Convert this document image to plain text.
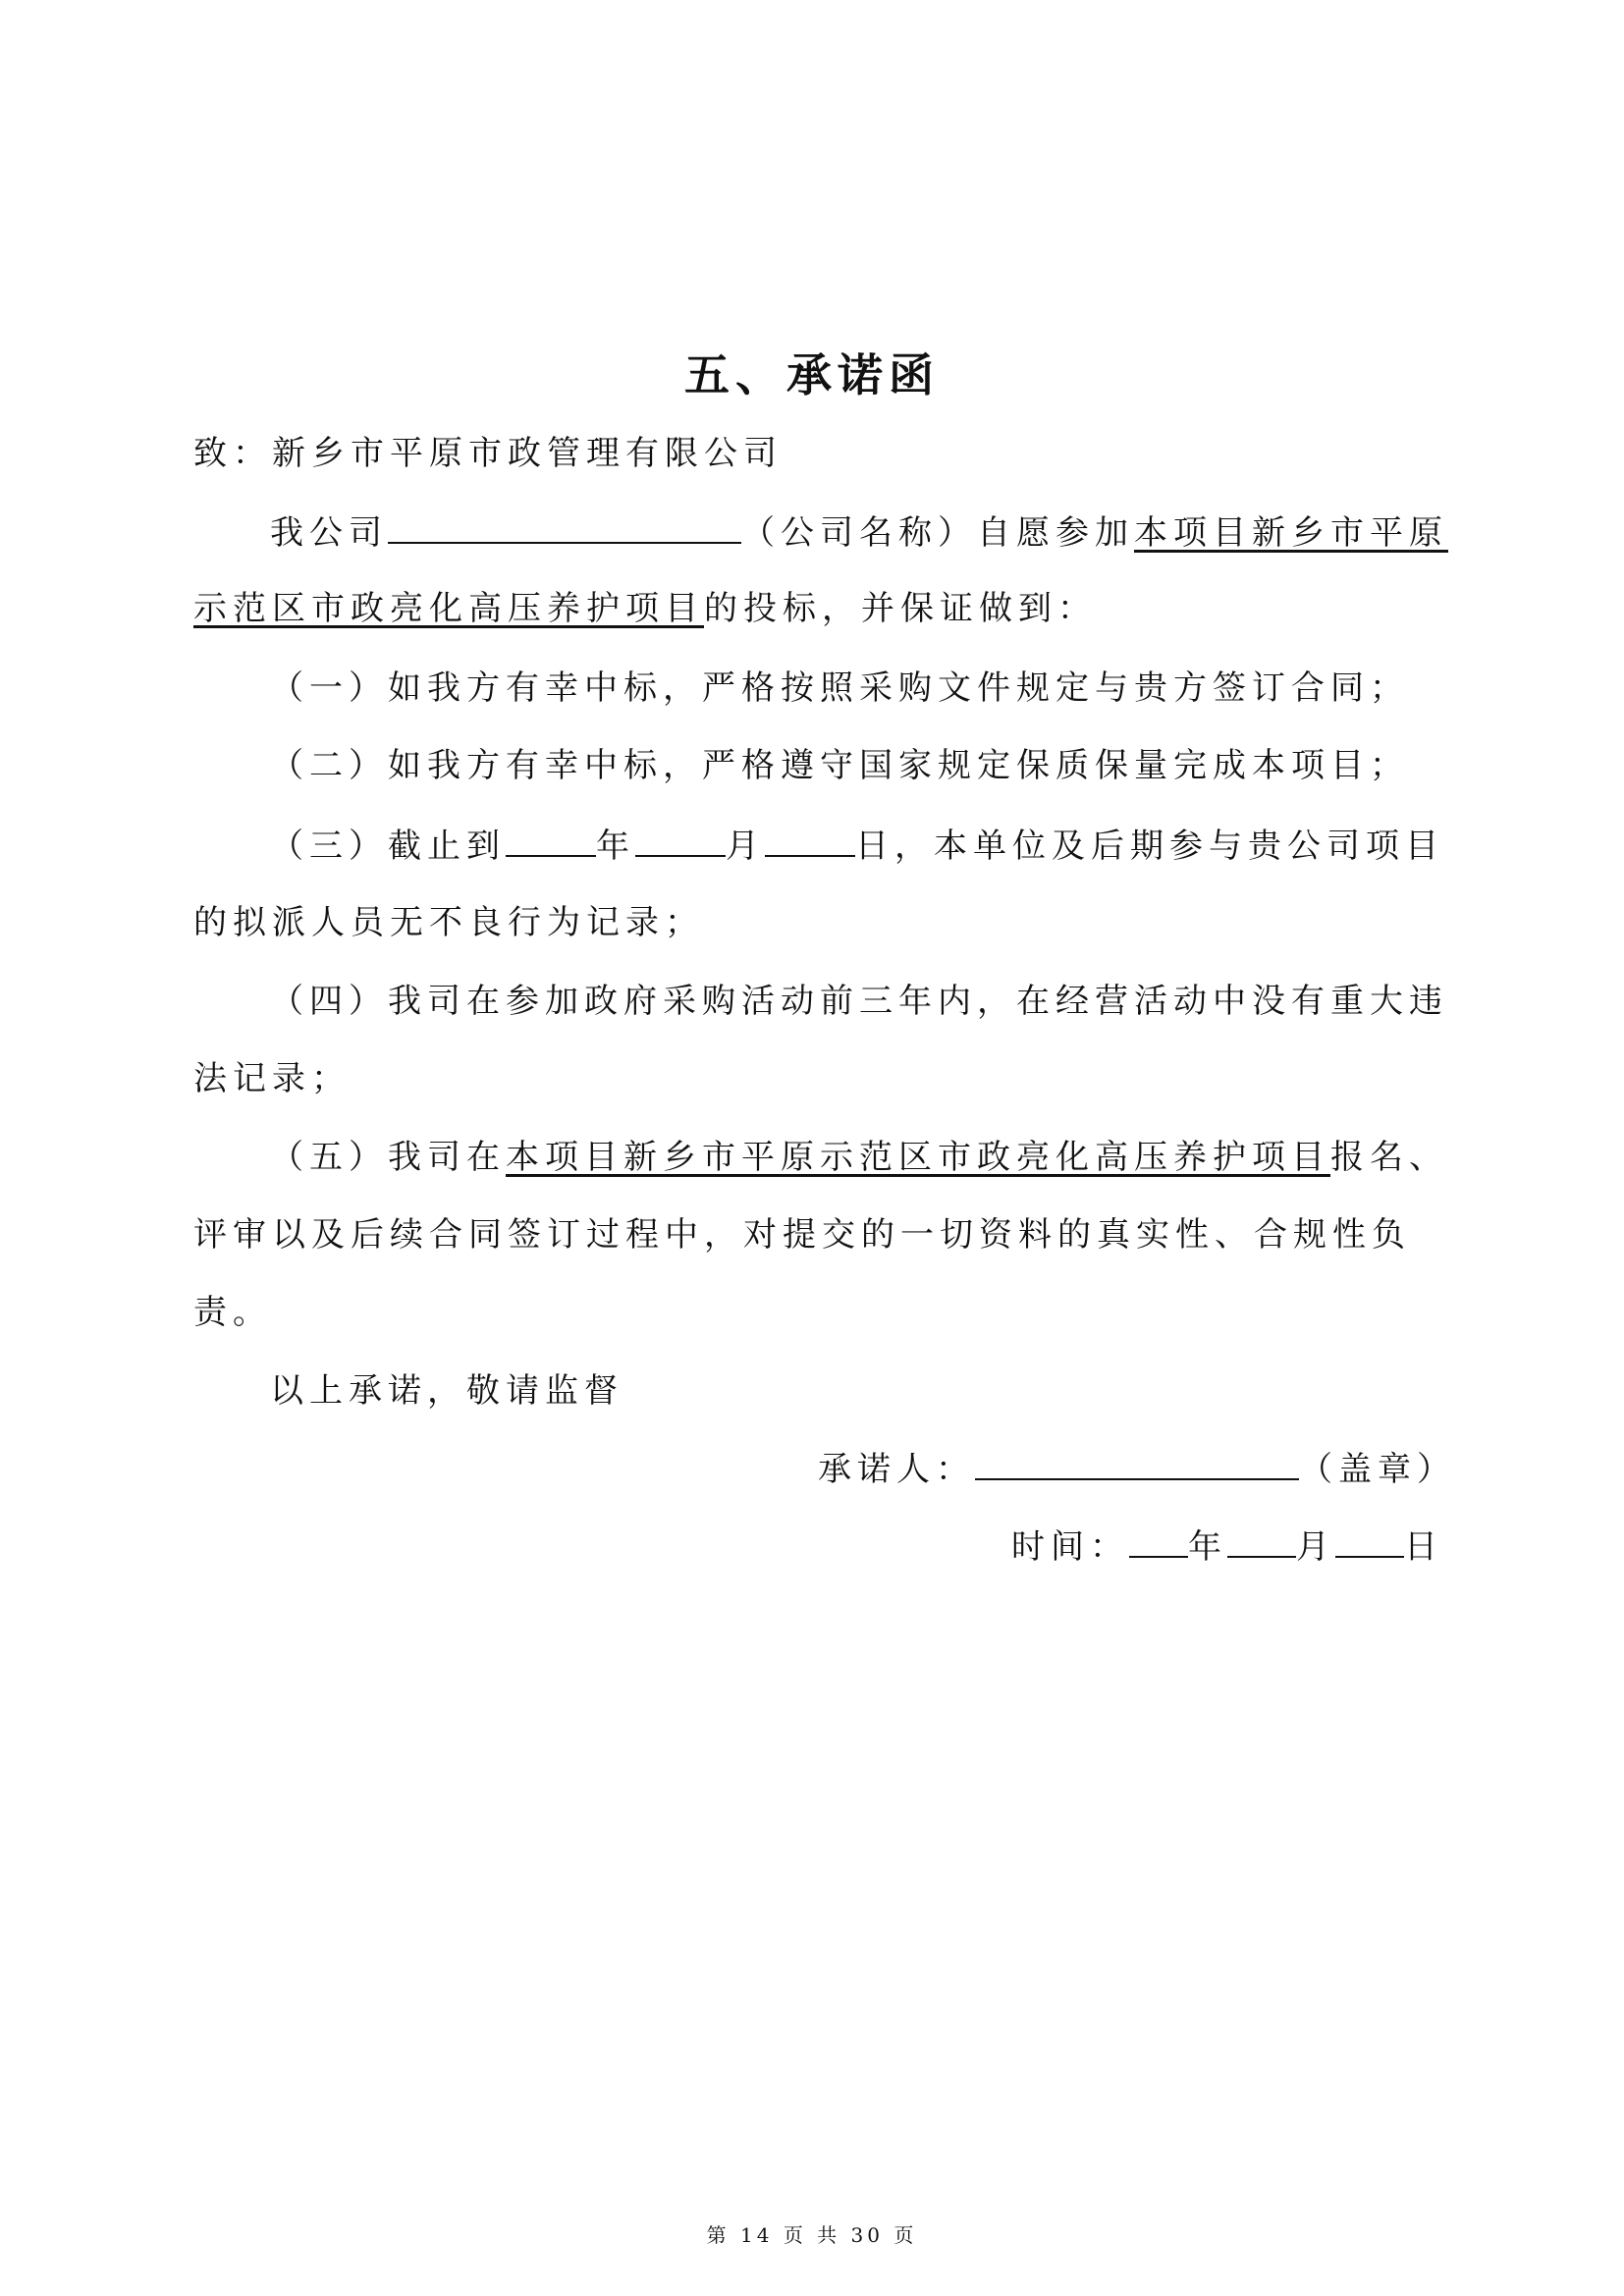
五、承诺函
致：新乡市平原市政管理有限公司
我公司	（公司名称）自愿参加本项目新乡市平原
示范区市政亮化高压养护项目的投标，并保证做到：
（一）如我方有幸中标，严格按照采购文件规定与贵方签订合同；
（二）如我方有幸中标，严格遵守国家规定保质保量完成本项目；
（三）截止到	年	月	日，本单位及后期参与贵公司项目
的拟派人员无不良行为记录；
（四）我司在参加政府采购活动前三年内，在经营活动中没有重大违
法记录；
（五）我司在本项目新乡市平原示范区市政亮化高压养护项目报名、
评审以及后续合同签订过程中，对提交的一切资料的真实性、合规性负
责。
以上承诺，敬请监督
承诺人：	（盖章）
时间： 年 月 日
第 14 页 共 30 页
